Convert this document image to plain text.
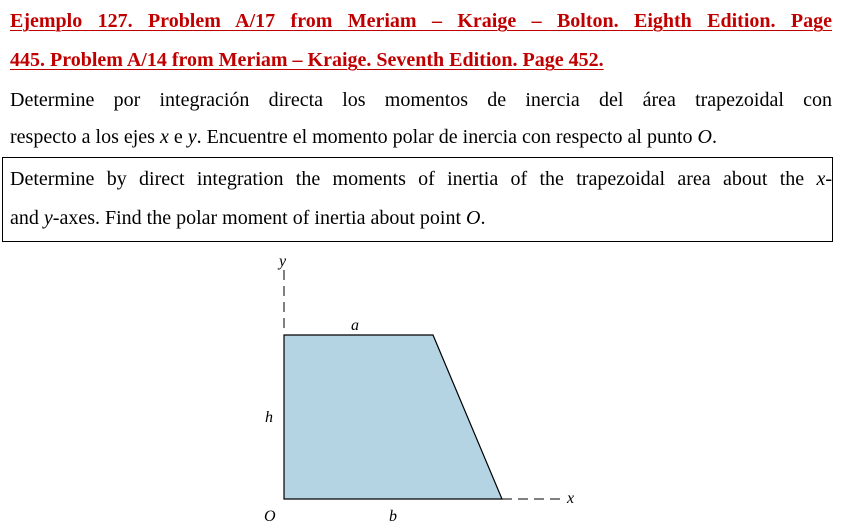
Ejemplo 127. Problem A/17 from Meriam – Kraige – Bolton. Eighth Edition. Page
445. Problem A/14 from Meriam – Kraige. Seventh Edition. Page 452.
Determine por integración directa los momentos de inercia del área trapezoidal con
respecto a los ejes x e y. Encuentre el momento polar de inercia con respecto al punto O.
Determine by direct integration the moments of inertia of the trapezoidal area about the x-
and y-axes. Find the polar moment of inertia about point O.
y
x
a
h
O	b
